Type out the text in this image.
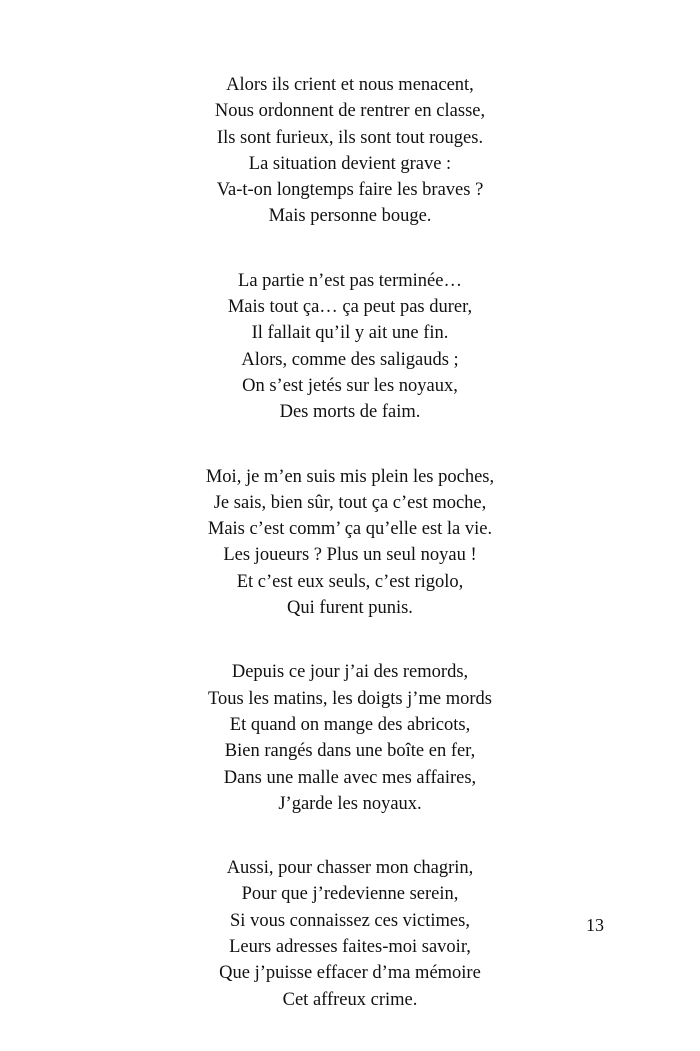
Alors ils crient et nous menacent,
Nous ordonnent de rentrer en classe,
Ils sont furieux, ils sont tout rouges.
La situation devient grave :
Va-t-on longtemps faire les braves ?
Mais personne bouge.
La partie n’est pas terminée…
Mais tout ça… ça peut pas durer,
Il fallait qu’il y ait une fin.
Alors, comme des saligauds ;
On s’est jetés sur les noyaux,
Des morts de faim.
Moi, je m’en suis mis plein les poches,
Je sais, bien sûr, tout ça c’est moche,
Mais c’est comm’ ça qu’elle est la vie.
Les joueurs ? Plus un seul noyau !
Et c’est eux seuls, c’est rigolo,
Qui furent punis.
Depuis ce jour j’ai des remords,
Tous les matins, les doigts j’me mords
Et quand on mange des abricots,
Bien rangés dans une boîte en fer,
Dans une malle avec mes affaires,
J’garde les noyaux.
Aussi, pour chasser mon chagrin,
Pour que j’redevienne serein,
Si vous connaissez ces victimes,
Leurs adresses faites-moi savoir,
Que j’puisse effacer d’ma mémoire
Cet affreux crime.
13
